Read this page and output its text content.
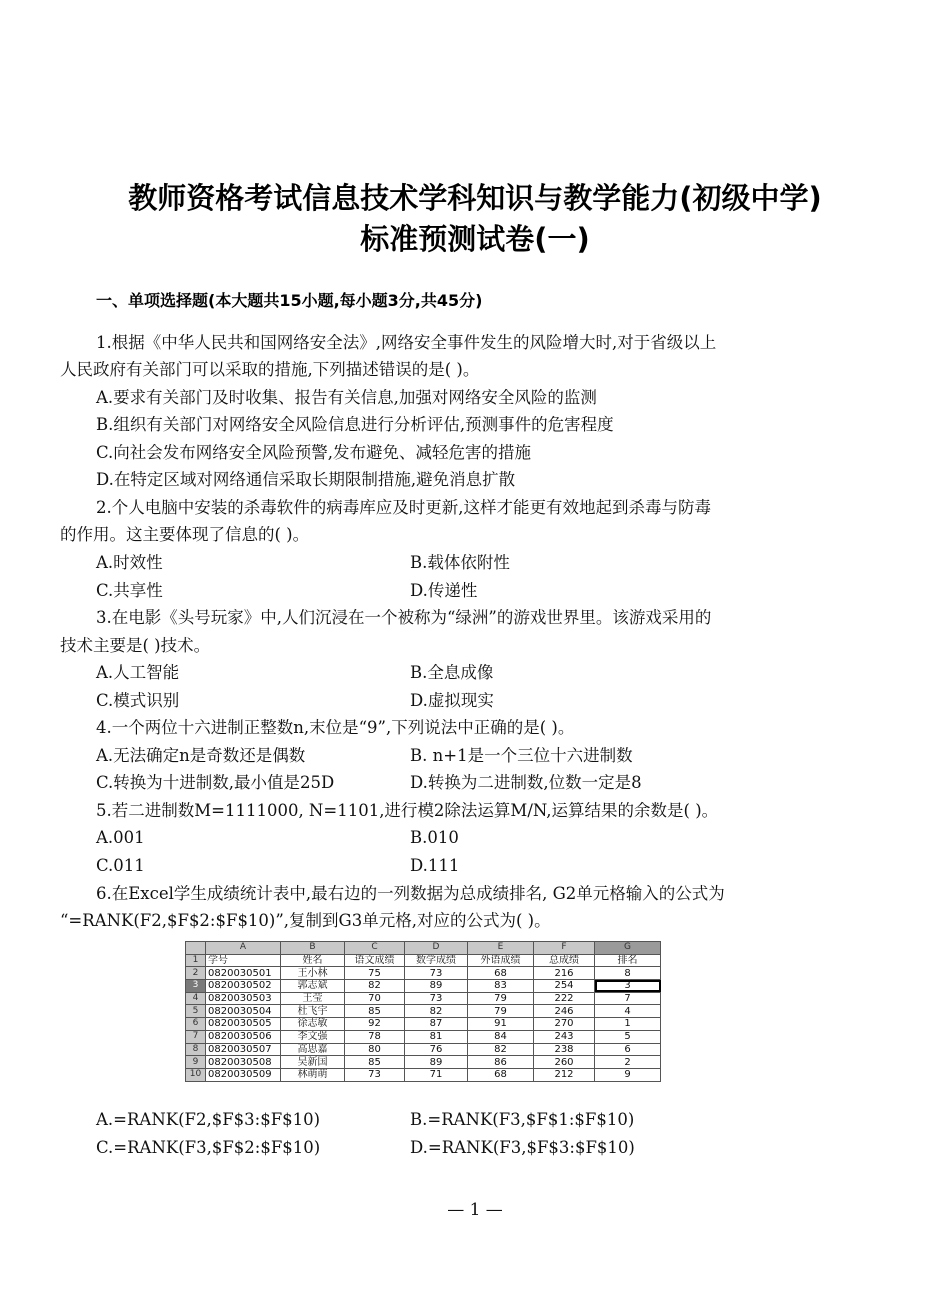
教师资格考试信息技术学科知识与教学能力(初级中学)
标准预测试卷(一)
一、单项选择题(本大题共15小题,每小题3分,共45分)
1.根据《中华人民共和国网络安全法》,网络安全事件发生的风险增大时,对于省级以上
人民政府有关部门可以采取的措施,下列描述错误的是( )。
A.要求有关部门及时收集、报告有关信息,加强对网络安全风险的监测
B.组织有关部门对网络安全风险信息进行分析评估,预测事件的危害程度
C.向社会发布网络安全风险预警,发布避免、减轻危害的措施
D.在特定区域对网络通信采取长期限制措施,避免消息扩散
2.个人电脑中安装的杀毒软件的病毒库应及时更新,这样才能更有效地起到杀毒与防毒
的作用。这主要体现了信息的( )。
A.时效性	B.载体依附性
C.共享性	D.传递性
3.在电影《头号玩家》中,人们沉浸在一个被称为“绿洲”的游戏世界里。该游戏采用的
技术主要是( )技术。
A.人工智能	B.全息成像
C.模式识别	D.虚拟现实
4.一个两位十六进制正整数n,末位是“9”,下列说法中正确的是( )。
A.无法确定n是奇数还是偶数	B. n+1是一个三位十六进制数
C.转换为十进制数,最小值是25D	D.转换为二进制数,位数一定是8
5.若二进制数M=1111000, N=1101,进行模2除法运算M/N,运算结果的余数是( )。
A.001	B.010
C.011	D.111
6.在Excel学生成绩统计表中,最右边的一列数据为总成绩排名, G2单元格输入的公式为
“=RANK(F2,$F$2:$F$10)”,复制到G3单元格,对应的公式为( )。
	A	B	C	D	E	F	G
1	学号	姓名	语文成绩	数学成绩	外语成绩	总成绩	排名
2	0820030501	王小林	75	73	68	216	8
3	0820030502	郭志斌	82	89	83	254	3
4	0820030503	王莹	70	73	79	222	7
5	0820030504	杜飞宇	85	82	79	246	4
6	0820030505	徐志敏	92	87	91	270	1
7	0820030506	李文强	78	81	84	243	5
8	0820030507	高思嘉	80	76	82	238	6
9	0820030508	吴新国	85	89	86	260	2
10	0820030509	林萌萌	73	71	68	212	9
A.=RANK(F2,$F$3:$F$10)	B.=RANK(F3,$F$1:$F$10)
C.=RANK(F3,$F$2:$F$10)	D.=RANK(F3,$F$3:$F$10)
— 1 —
